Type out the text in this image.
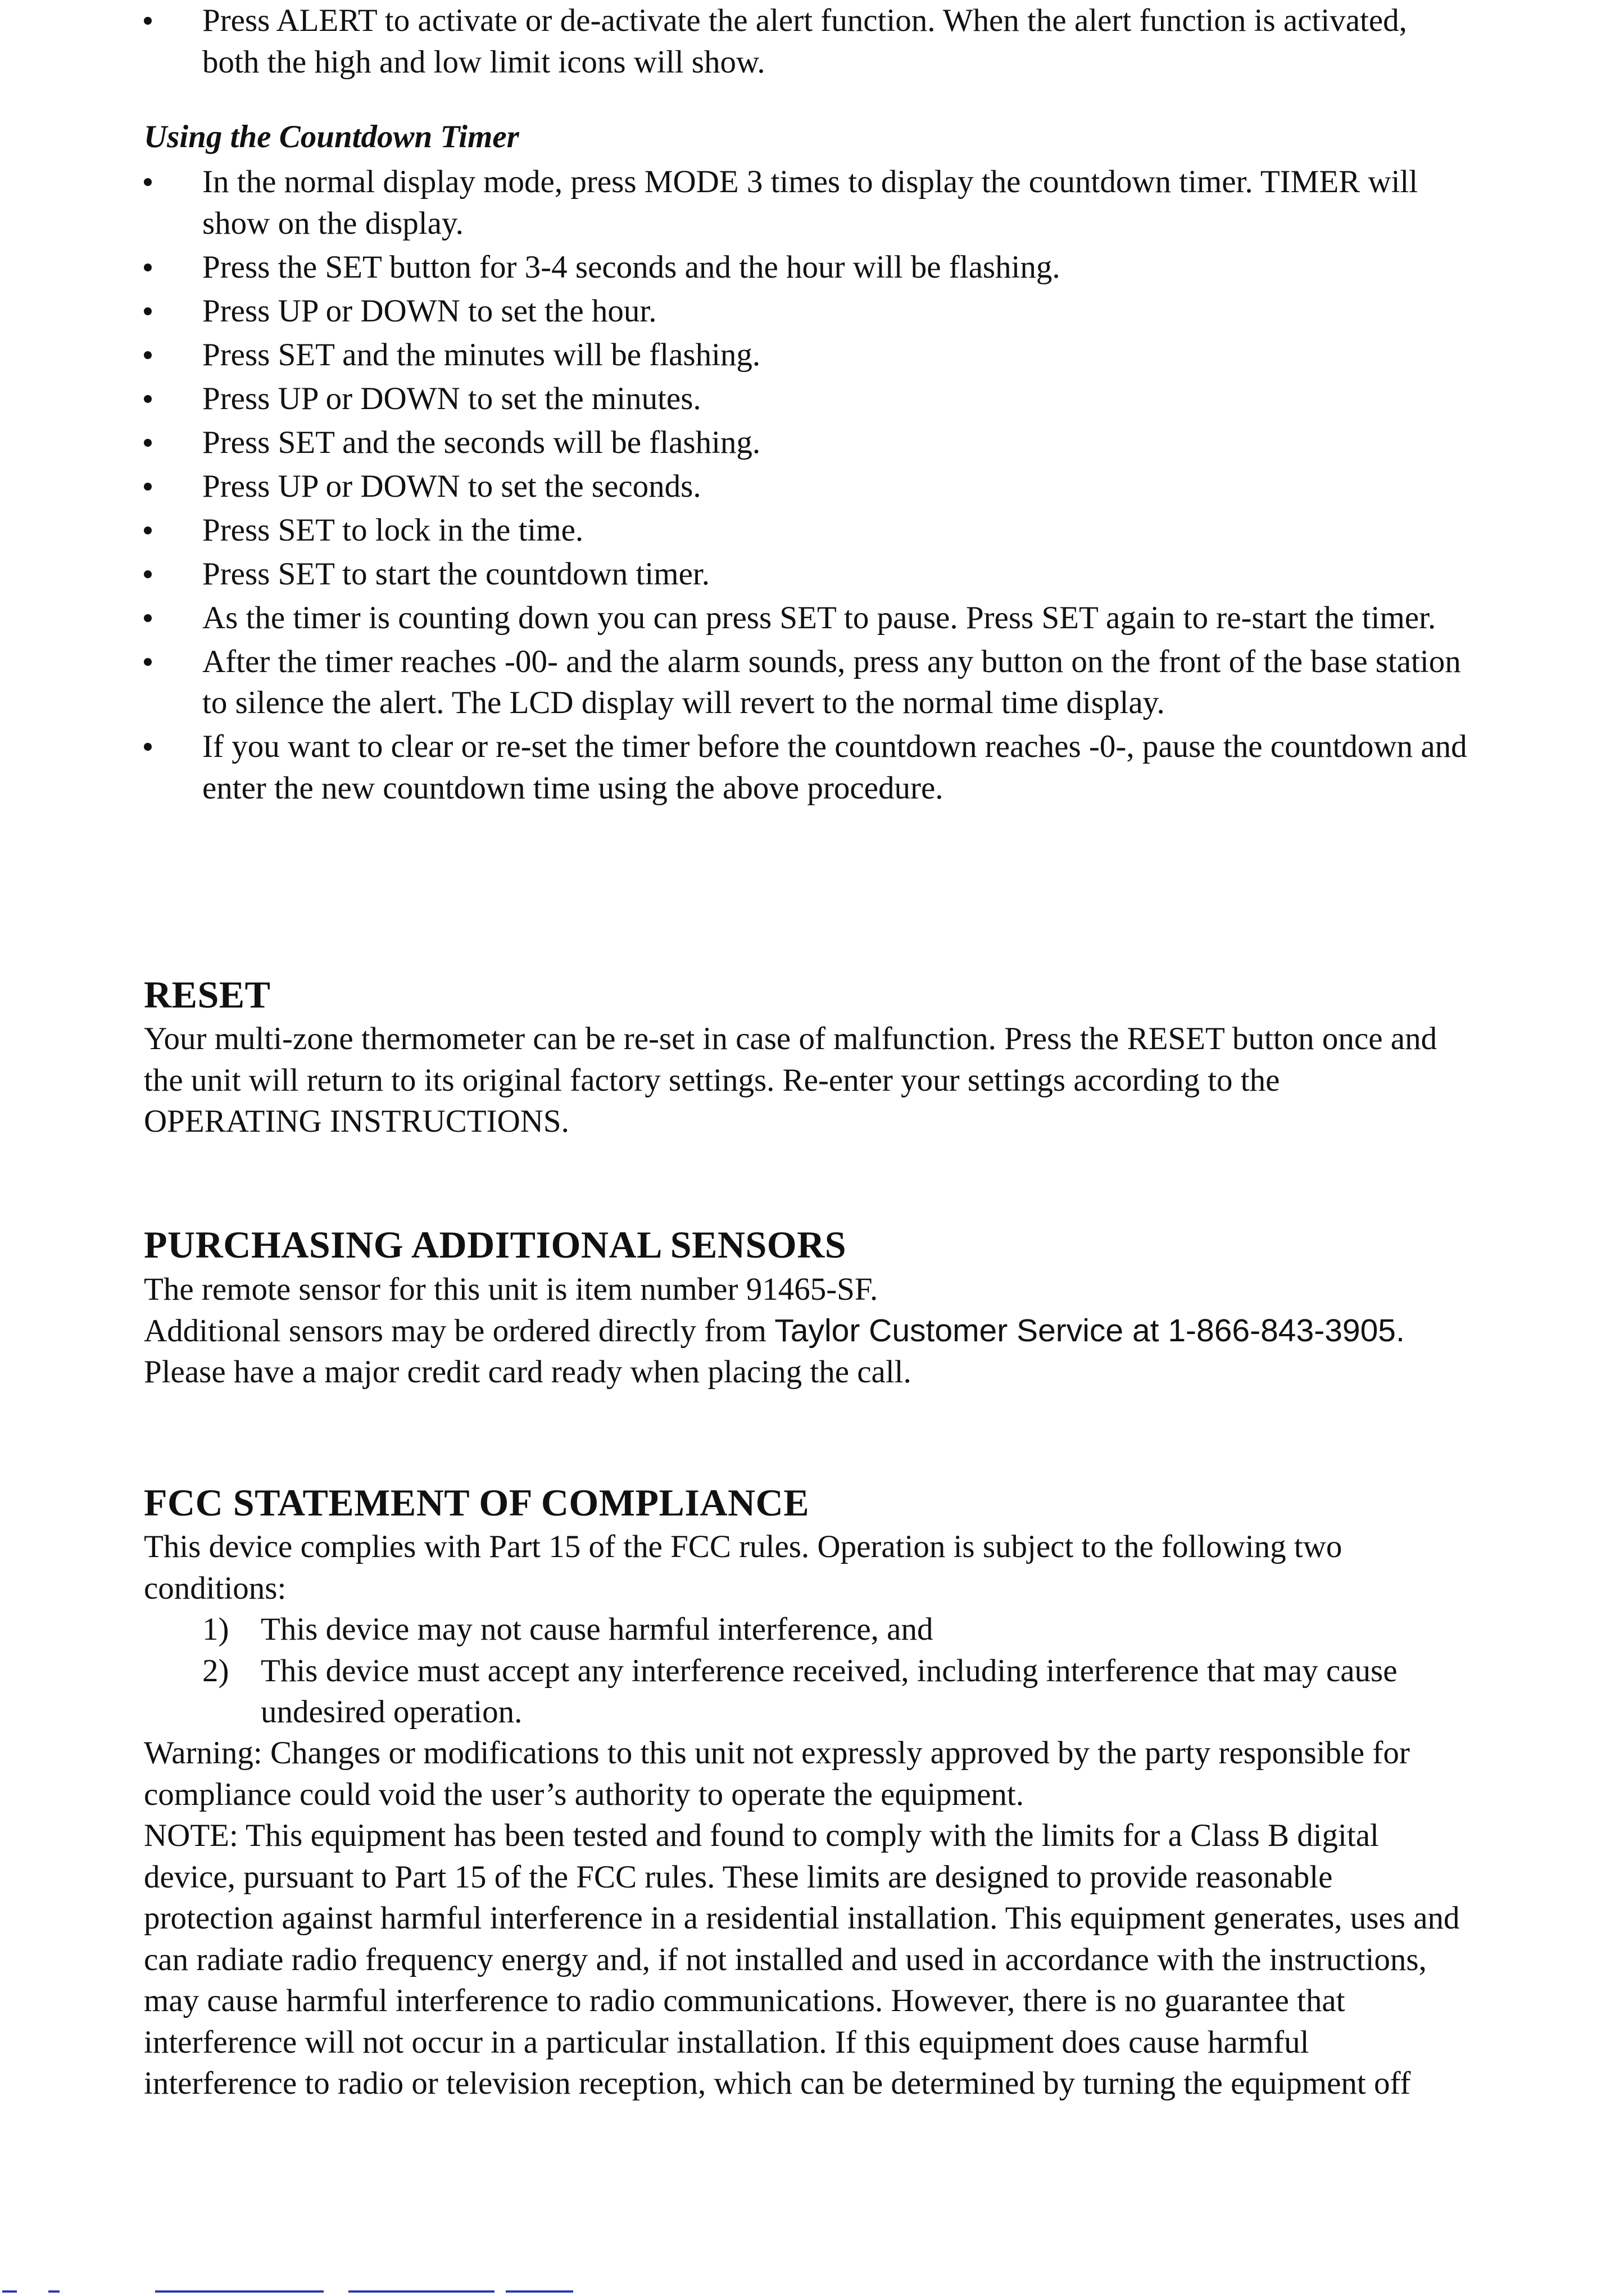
Press ALERT to activate or de-activate the alert function. When the alert function is activated,
both the high and low limit icons will show.
Using the Countdown Timer
In the normal display mode, press MODE 3 times to display the countdown timer. TIMER will
show on the display.
Press the SET button for 3-4 seconds and the hour will be flashing.
Press UP or DOWN to set the hour.
Press SET and the minutes will be flashing.
Press UP or DOWN to set the minutes.
Press SET and the seconds will be flashing.
Press UP or DOWN to set the seconds.
Press SET to lock in the time.
Press SET to start the countdown timer.
As the timer is counting down you can press SET to pause. Press SET again to re-start the timer.
After the timer reaches -00- and the alarm sounds, press any button on the front of the base station
to silence the alert. The LCD display will revert to the normal time display.
If you want to clear or re-set the timer before the countdown reaches -0-, pause the countdown and
enter the new countdown time using the above procedure.
RESET
Your multi-zone thermometer can be re-set in case of malfunction. Press the RESET button once and
the unit will return to its original factory settings. Re-enter your settings according to the
OPERATING INSTRUCTIONS.
PURCHASING ADDITIONAL SENSORS
The remote sensor for this unit is item number 91465-SF.
Additional sensors may be ordered directly from Taylor Customer Service at 1-866-843-3905.
Please have a major credit card ready when placing the call.
FCC STATEMENT OF COMPLIANCE
This device complies with Part 15 of the FCC rules. Operation is subject to the following two
conditions:
1) This device may not cause harmful interference, and
2) This device must accept any interference received, including interference that may cause
undesired operation.
Warning: Changes or modifications to this unit not expressly approved by the party responsible for
compliance could void the user’s authority to operate the equipment.
NOTE: This equipment has been tested and found to comply with the limits for a Class B digital
device, pursuant to Part 15 of the FCC rules. These limits are designed to provide reasonable
protection against harmful interference in a residential installation. This equipment generates, uses and
can radiate radio frequency energy and, if not installed and used in accordance with the instructions,
may cause harmful interference to radio communications. However, there is no guarantee that
interference will not occur in a particular installation. If this equipment does cause harmful
interference to radio or television reception, which can be determined by turning the equipment off
